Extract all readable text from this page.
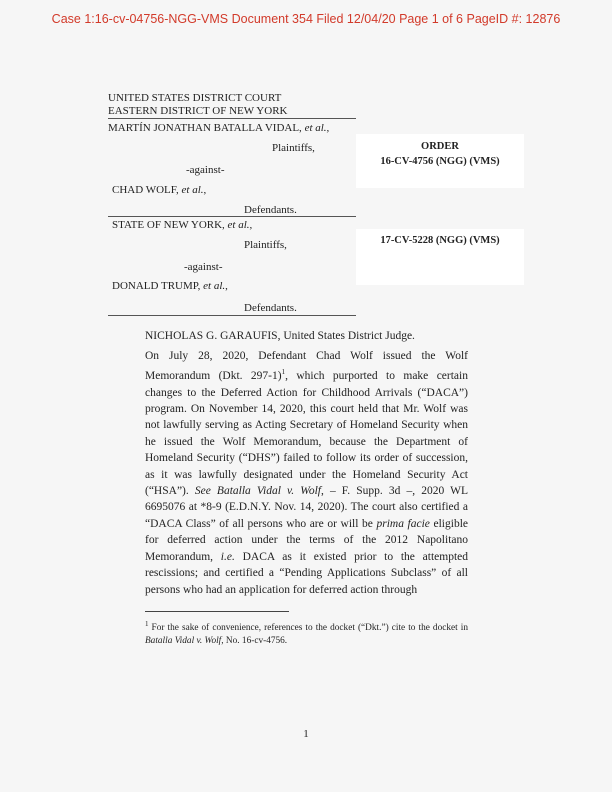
Case 1:16-cv-04756-NGG-VMS Document 354 Filed 12/04/20 Page 1 of 6 PageID #: 12876
UNITED STATES DISTRICT COURT
EASTERN DISTRICT OF NEW YORK
MARTÍN JONATHAN BATALLA VIDAL, et al.,
Plaintiffs,
-against-
CHAD WOLF, et al.,
Defendants.
STATE OF NEW YORK, et al.,
Plaintiffs,
-against-
DONALD TRUMP, et al.,
Defendants.
ORDER
16-CV-4756 (NGG) (VMS)
17-CV-5228 (NGG) (VMS)
NICHOLAS G. GARAUFIS, United States District Judge.

On July 28, 2020, Defendant Chad Wolf issued the Wolf Memorandum (Dkt. 297-1)$^1$, which purported to make certain changes to the Deferred Action for Childhood Arrivals (“DACA”) program. On November 14, 2020, this court held that Mr. Wolf was not lawfully serving as Acting Secretary of Homeland Security when he issued the Wolf Memorandum, because the Department of Homeland Security (“DHS”) failed to follow its order of succession, as it was lawfully designated under the Homeland Security Act (“HSA”). See Batalla Vidal v. Wolf, – F. Supp. 3d –, 2020 WL 6695076 at *8-9 (E.D.N.Y. Nov. 14, 2020). The court also certified a “DACA Class” of all persons who are or will be prima facie eligible for deferred action under the terms of the 2012 Napolitano Memorandum, i.e. DACA as it existed prior to the attempted rescissions; and certified a “Pending Applications Subclass” of all persons who had an application for deferred action through

$^1$ For the sake of convenience, references to the docket (“Dkt.”) cite to the docket in Batalla Vidal v. Wolf, No. 16-cv-4756.
1
